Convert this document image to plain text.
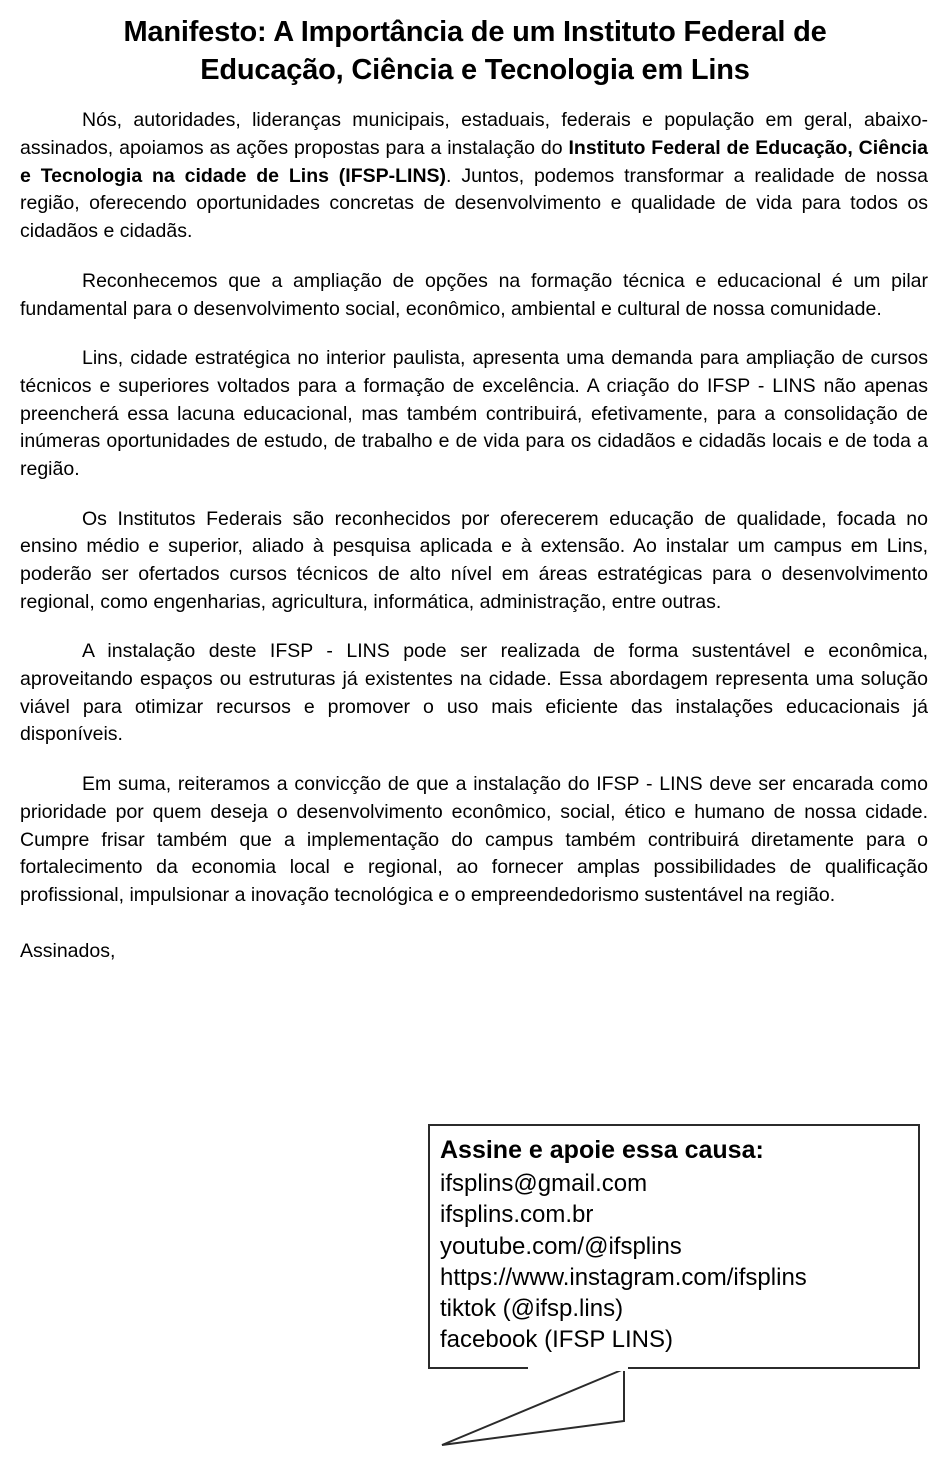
Manifesto: A Importância de um Instituto Federal de Educação, Ciência e Tecnologia em Lins

Nós, autoridades, lideranças municipais, estaduais, federais e população em geral, abaixo-assinados, apoiamos as ações propostas para a instalação do Instituto Federal de Educação, Ciência e Tecnologia na cidade de Lins (IFSP-LINS). Juntos, podemos transformar a realidade de nossa região, oferecendo oportunidades concretas de desenvolvimento e qualidade de vida para todos os cidadãos e cidadãs.

Reconhecemos que a ampliação de opções na formação técnica e educacional é um pilar fundamental para o desenvolvimento social, econômico, ambiental e cultural de nossa comunidade.

Lins, cidade estratégica no interior paulista, apresenta uma demanda para ampliação de cursos técnicos e superiores voltados para a formação de excelência. A criação do IFSP - LINS não apenas preencherá essa lacuna educacional, mas também contribuirá, efetivamente, para a consolidação de inúmeras oportunidades de estudo, de trabalho e de vida para os cidadãos e cidadãs locais e de toda a região.

Os Institutos Federais são reconhecidos por oferecerem educação de qualidade, focada no ensino médio e superior, aliado à pesquisa aplicada e à extensão. Ao instalar um campus em Lins, poderão ser ofertados cursos técnicos de alto nível em áreas estratégicas para o desenvolvimento regional, como engenharias, agricultura, informática, administração, entre outras.

A instalação deste IFSP - LINS pode ser realizada de forma sustentável e econômica, aproveitando espaços ou estruturas já existentes na cidade. Essa abordagem representa uma solução viável para otimizar recursos e promover o uso mais eficiente das instalações educacionais já disponíveis.

Em suma, reiteramos a convicção de que a instalação do IFSP - LINS deve ser encarada como prioridade por quem deseja o desenvolvimento econômico, social, ético e humano de nossa cidade. Cumpre frisar também que a implementação do campus também contribuirá diretamente para o fortalecimento da economia local e regional, ao fornecer amplas possibilidades de qualificação profissional, impulsionar a inovação tecnológica e o empreendedorismo sustentável na região.

Assinados,

Assine e apoie essa causa:
ifsplins@gmail.com
ifsplins.com.br
youtube.com/@ifsplins
https://www.instagram.com/ifsplins
tiktok (@ifsp.lins)
facebook (IFSP LINS)
